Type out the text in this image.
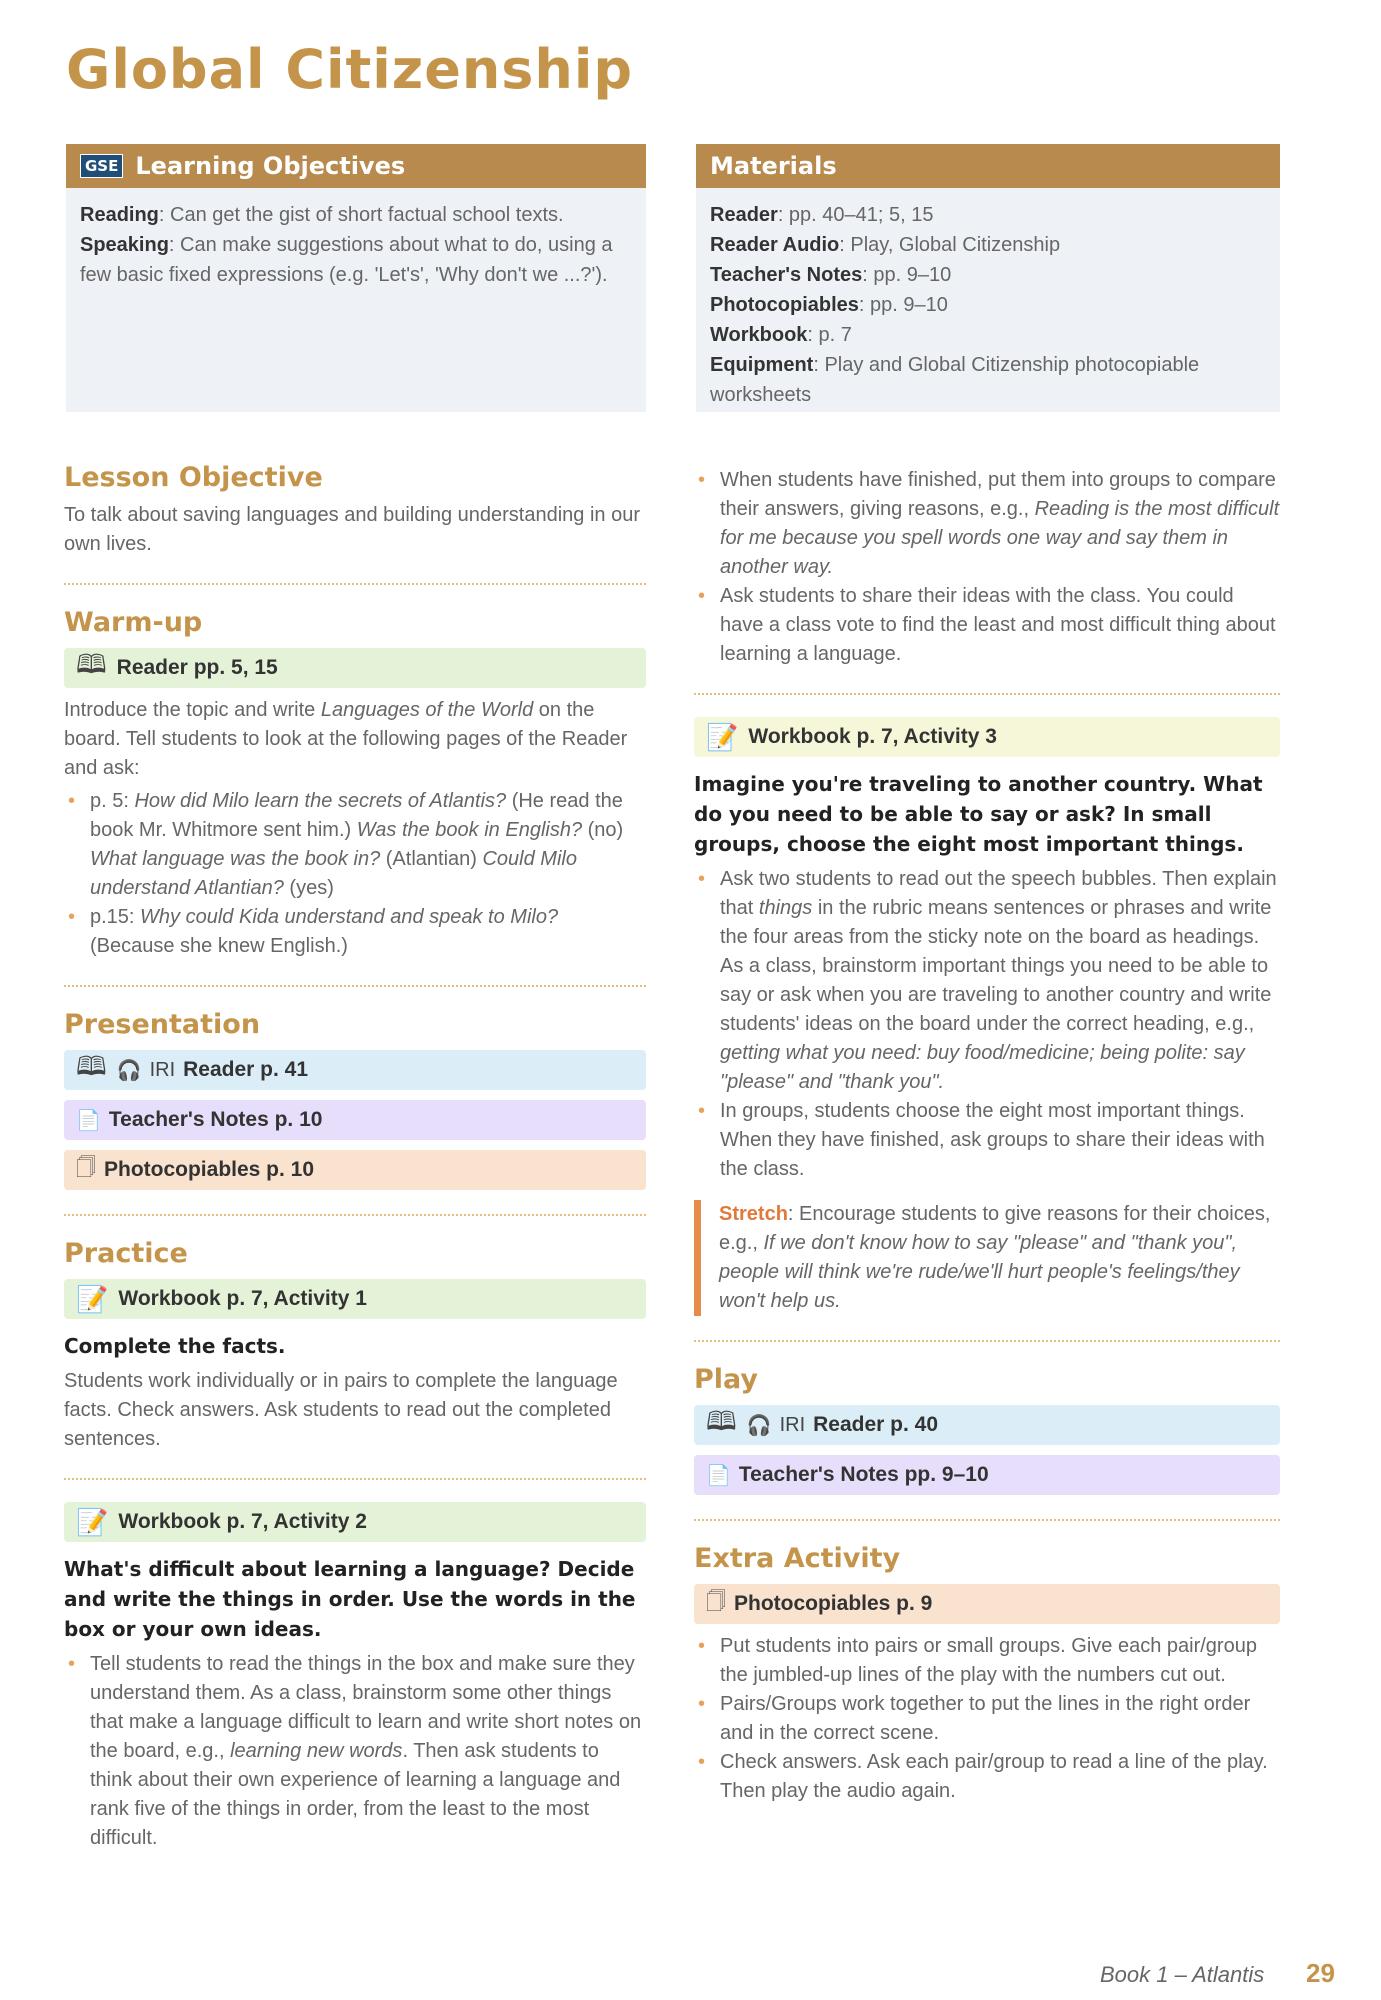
Global Citizenship
GSE Learning Objectives
Reading: Can get the gist of short factual school texts.
Speaking: Can make suggestions about what to do, using a few basic fixed expressions (e.g. 'Let's', 'Why don't we ...?').
Materials
Reader: pp. 40–41; 5, 15
Reader Audio: Play, Global Citizenship
Teacher's Notes: pp. 9–10
Photocopiables: pp. 9–10
Workbook: p. 7
Equipment: Play and Global Citizenship photocopiable worksheets
Lesson Objective

To talk about saving languages and building understanding in our own lives.

Warm-up
🕮 Reader pp. 5, 15

Introduce the topic and write Languages of the World on the board. Tell students to look at the following pages of the Reader and ask:

• p. 5: How did Milo learn the secrets of Atlantis? (He read the book Mr. Whitmore sent him.) Was the book in English? (no) What language was the book in? (Atlantian) Could Milo understand Atlantian? (yes)
• p.15: Why could Kida understand and speak to Milo? (Because she knew English.)
Presentation
🕮 🎧 IRI Reader p. 41
📄 Teacher's Notes p. 10
🗍 Photocopiables p. 10
Practice
📝 Workbook p. 7, Activity 1
Complete the facts.

Students work individually or in pairs to complete the language facts. Check answers. Ask students to read out the completed sentences.

📝 Workbook p. 7, Activity 2
What's difficult about learning a language? Decide and write the things in order. Use the words in the box or your own ideas.
• Tell students to read the things in the box and make sure they understand them. As a class, brainstorm some other things that make a language difficult to learn and write short notes on the board, e.g., learning new words. Then ask students to think about their own experience of learning a language and rank five of the things in order, from the least to the most difficult.
• When students have finished, put them into groups to compare their answers, giving reasons, e.g., Reading is the most difficult for me because you spell words one way and say them in another way.
• Ask students to share their ideas with the class. You could have a class vote to find the least and most difficult thing about learning a language.
📝 Workbook p. 7, Activity 3
Imagine you're traveling to another country. What do you need to be able to say or ask? In small groups, choose the eight most important things.
• Ask two students to read out the speech bubbles. Then explain that things in the rubric means sentences or phrases and write the four areas from the sticky note on the board as headings. As a class, brainstorm important things you need to be able to say or ask when you are traveling to another country and write students' ideas on the board under the correct heading, e.g., getting what you need: buy food/medicine; being polite: say "please" and "thank you".
• In groups, students choose the eight most important things. When they have finished, ask groups to share their ideas with the class.
Stretch: Encourage students to give reasons for their choices, e.g., If we don't know how to say "please" and "thank you", people will think we're rude/we'll hurt people's feelings/they won't help us.
Play
🕮 🎧 IRI Reader p. 40
📄 Teacher's Notes pp. 9–10
Extra Activity
🗍 Photocopiables p. 9
• Put students into pairs or small groups. Give each pair/group the jumbled-up lines of the play with the numbers cut out.
• Pairs/Groups work together to put the lines in the right order and in the correct scene.
• Check answers. Ask each pair/group to read a line of the play. Then play the audio again.
Book 1 – Atlantis	29
